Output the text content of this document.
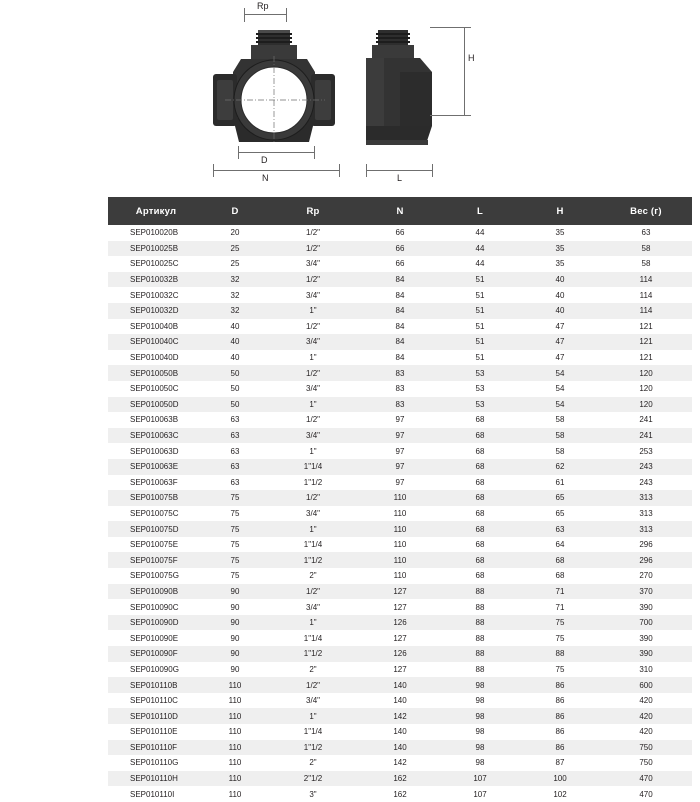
Rp
D
N	L
H
Артикул	D	Rp	N	L	H	Вес (г)
SEP010020B	20	1/2"	66	44	35	63
SEP010025B	25	1/2"	66	44	35	58
SEP010025C	25	3/4"	66	44	35	58
SEP010032B	32	1/2"	84	51	40	114
SEP010032C	32	3/4"	84	51	40	114
SEP010032D	32	1"	84	51	40	114
SEP010040B	40	1/2"	84	51	47	121
SEP010040C	40	3/4"	84	51	47	121
SEP010040D	40	1"	84	51	47	121
SEP010050B	50	1/2"	83	53	54	120
SEP010050C	50	3/4"	83	53	54	120
SEP010050D	50	1"	83	53	54	120
SEP010063B	63	1/2"	97	68	58	241
SEP010063C	63	3/4"	97	68	58	241
SEP010063D	63	1"	97	68	58	253
SEP010063E	63	1"1/4	97	68	62	243
SEP010063F	63	1"1/2	97	68	61	243
SEP010075B	75	1/2"	110	68	65	313
SEP010075C	75	3/4"	110	68	65	313
SEP010075D	75	1"	110	68	63	313
SEP010075E	75	1"1/4	110	68	64	296
SEP010075F	75	1"1/2	110	68	68	296
SEP010075G	75	2"	110	68	68	270
SEP010090B	90	1/2"	127	88	71	370
SEP010090C	90	3/4"	127	88	71	390
SEP010090D	90	1"	126	88	75	700
SEP010090E	90	1"1/4	127	88	75	390
SEP010090F	90	1"1/2	126	88	88	390
SEP010090G	90	2"	127	88	75	310
SEP010110B	110	1/2"	140	98	86	600
SEP010110C	110	3/4"	140	98	86	420
SEP010110D	110	1"	142	98	86	420
SEP010110E	110	1"1/4	140	98	86	420
SEP010110F	110	1"1/2	140	98	86	750
SEP010110G	110	2"	142	98	87	750
SEP010110H	110	2"1/2	162	107	100	470
SEP010110I	110	3"	162	107	102	470
